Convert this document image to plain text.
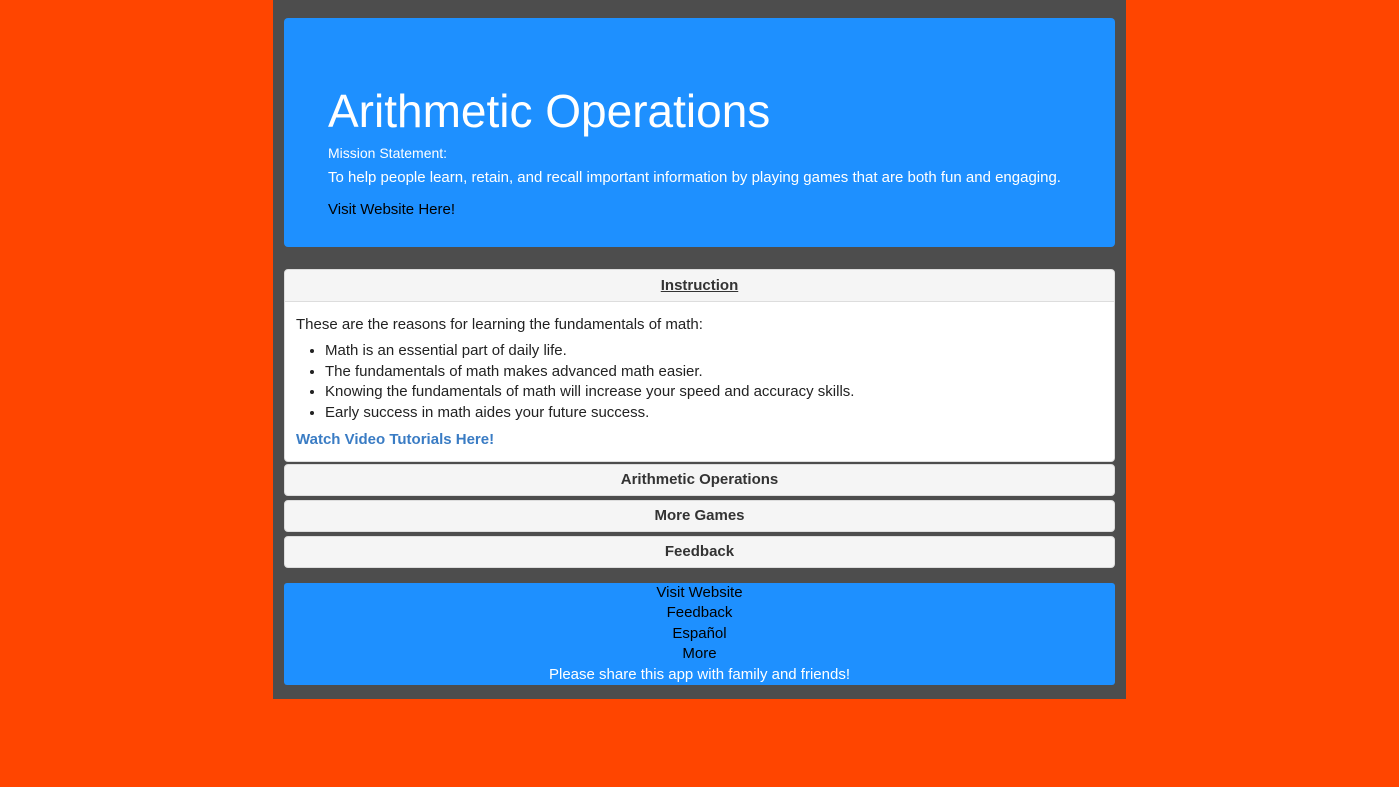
Arithmetic Operations
Mission Statement:
To help people learn, retain, and recall important information by playing games that are both fun and engaging.
Visit Website Here!
Instruction

These are the reasons for learning the fundamentals of math:

• Math is an essential part of daily life.
• The fundamentals of math makes advanced math easier.
• Knowing the fundamentals of math will increase your speed and accuracy skills.
• Early success in math aides your future success.
Watch Video Tutorials Here!
Arithmetic Operations
More Games
Feedback
Visit Website
Feedback
Español
More
Please share this app with family and friends!
